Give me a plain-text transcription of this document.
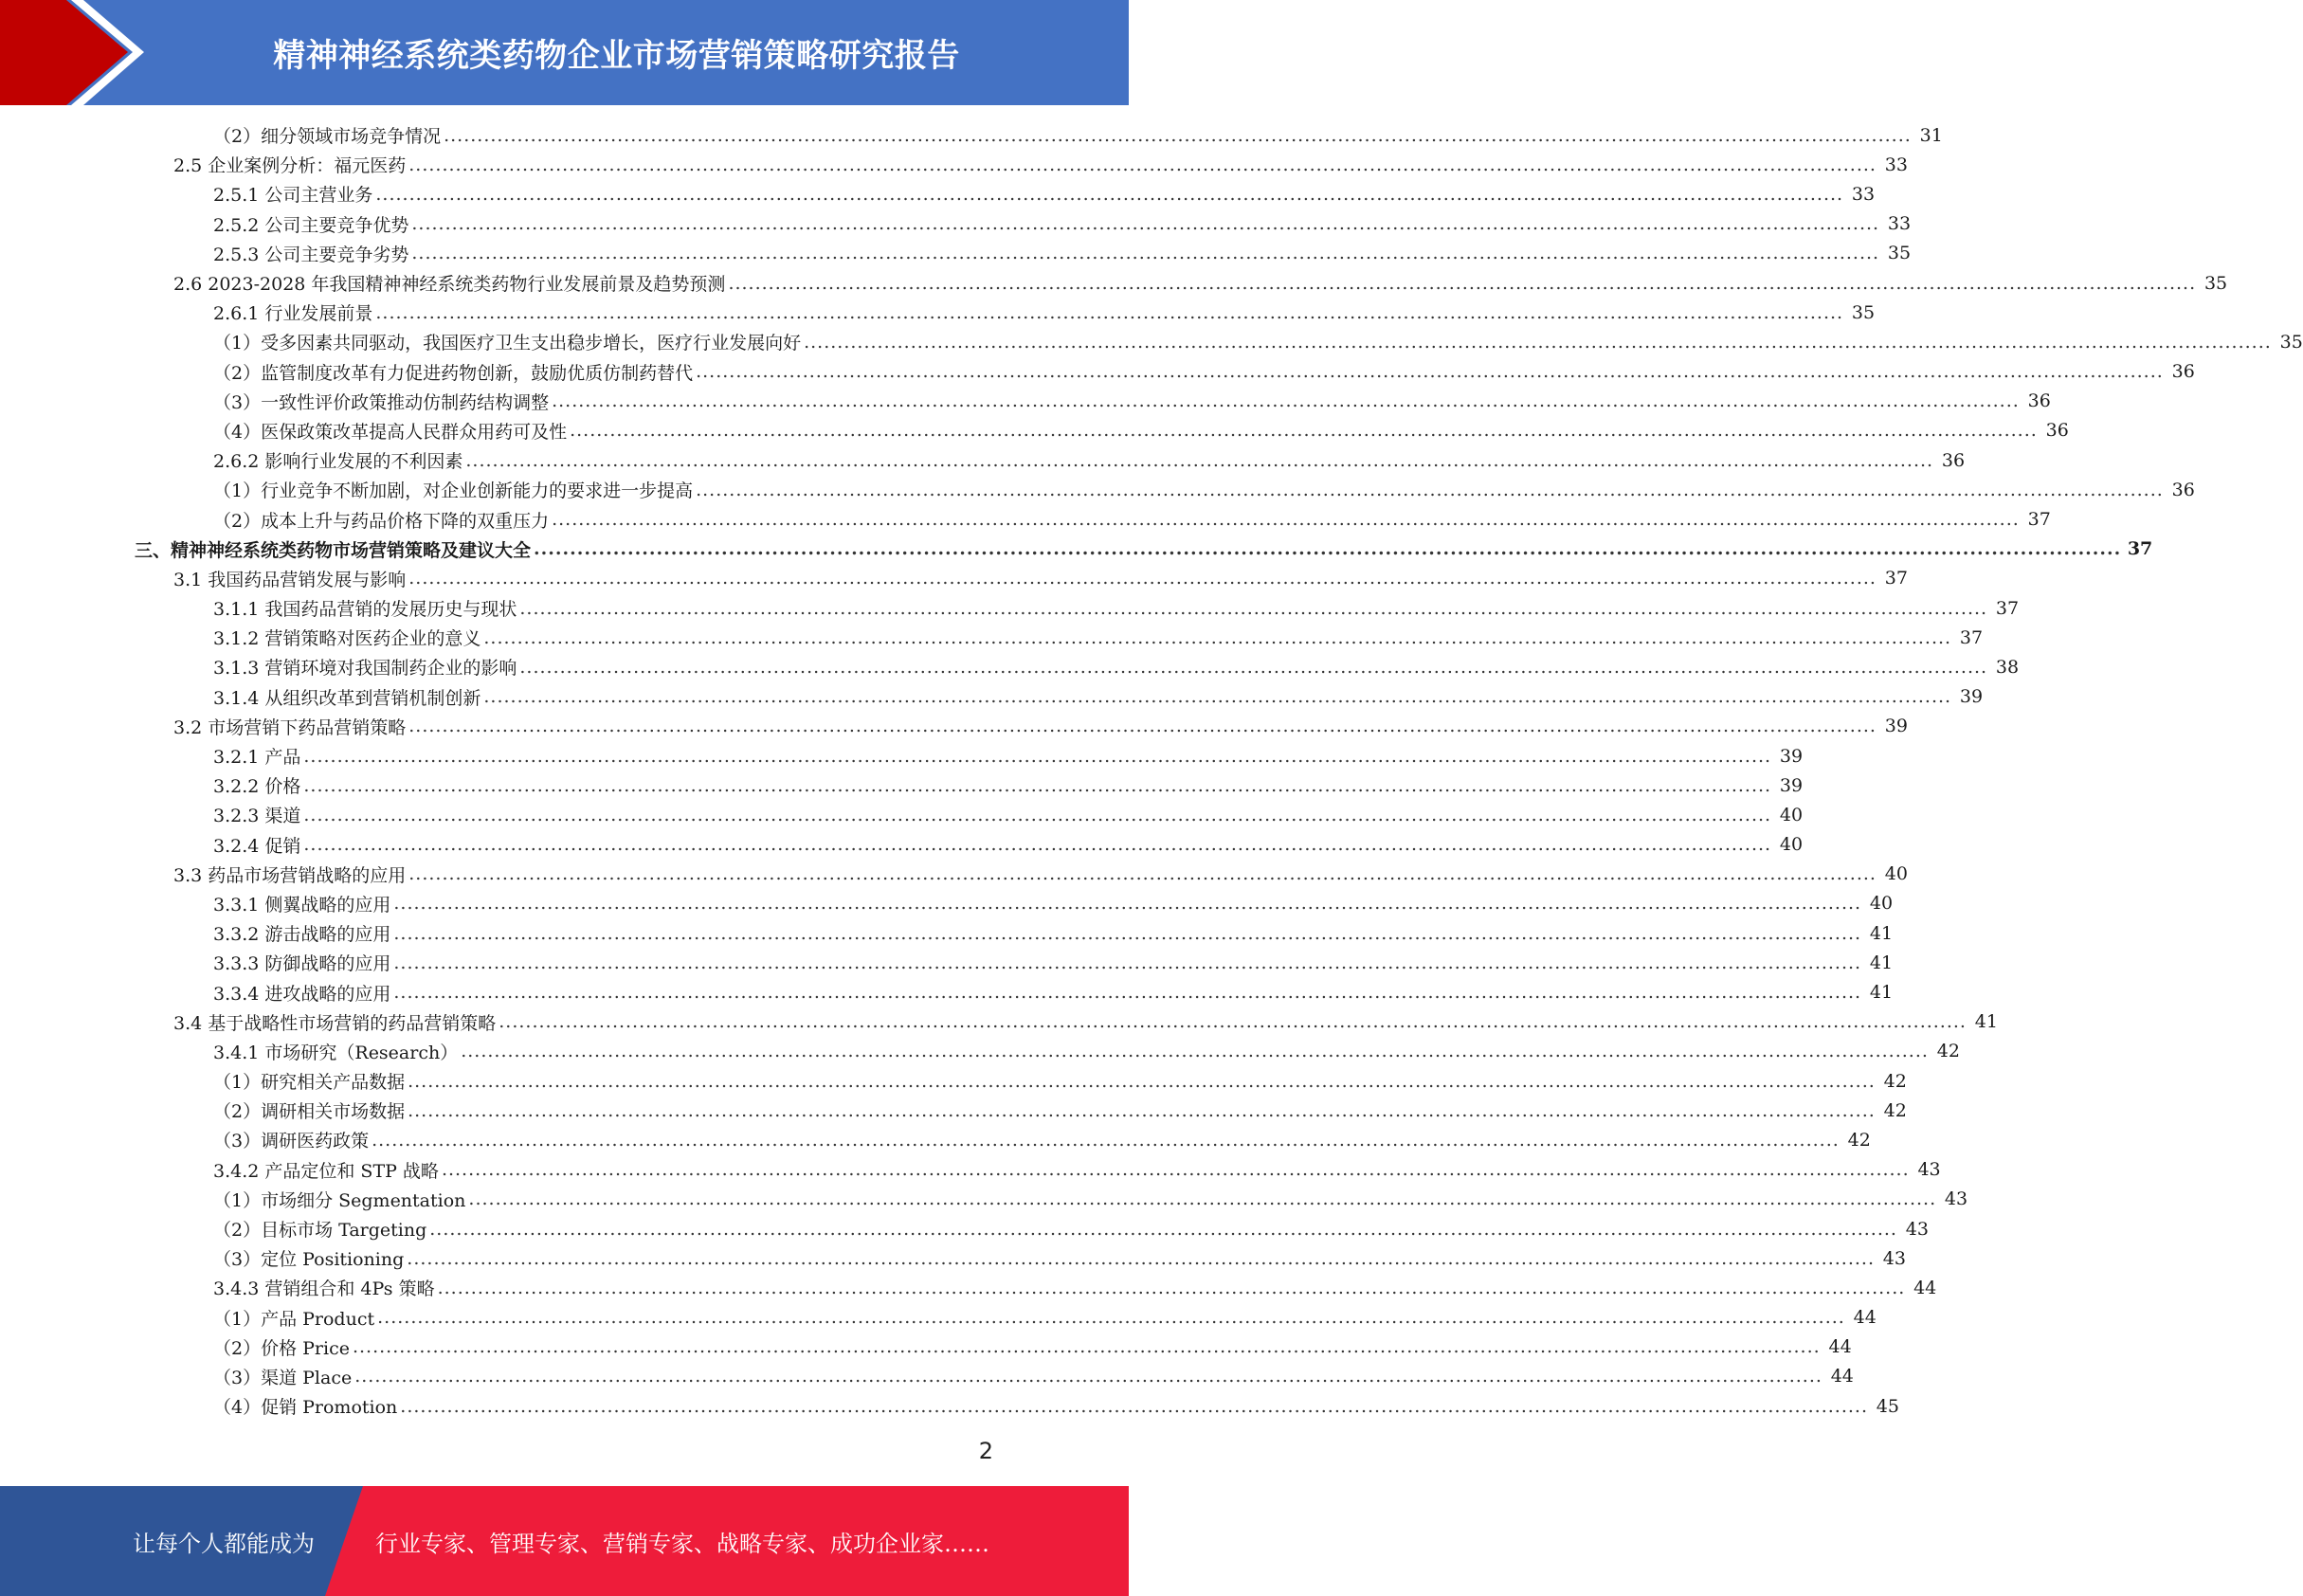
精神神经系统类药物企业市场营销策略研究报告
（2）细分领域市场竞争情况 ............................................................................................................................................................................................................................ 31
2.5 企业案例分析：福元医药 ............................................................................................................................................................................................................................ 33
2.5.1 公司主营业务 ............................................................................................................................................................................................................................ 33
2.5.2 公司主要竞争优势 ............................................................................................................................................................................................................................ 33
2.5.3 公司主要竞争劣势 ............................................................................................................................................................................................................................ 35
2.6 2023-2028 年我国精神神经系统类药物行业发展前景及趋势预测 ............................................................................................................................................................................................................................ 35
2.6.1 行业发展前景 ............................................................................................................................................................................................................................ 35
（1）受多因素共同驱动，我国医疗卫生支出稳步增长，医疗行业发展向好 ............................................................................................................................................................................................................................ 35
（2）监管制度改革有力促进药物创新，鼓励优质仿制药替代 ............................................................................................................................................................................................................................ 36
（3）一致性评价政策推动仿制药结构调整 ............................................................................................................................................................................................................................ 36
（4）医保政策改革提高人民群众用药可及性 ............................................................................................................................................................................................................................ 36
2.6.2 影响行业发展的不利因素 ............................................................................................................................................................................................................................ 36
（1）行业竞争不断加剧，对企业创新能力的要求进一步提高 ............................................................................................................................................................................................................................ 36
（2）成本上升与药品价格下降的双重压力 ............................................................................................................................................................................................................................ 37
三、精神神经系统类药物市场营销策略及建议大全 ............................................................................................................................................................................................................................ 37
3.1 我国药品营销发展与影响 ............................................................................................................................................................................................................................ 37
3.1.1 我国药品营销的发展历史与现状 ............................................................................................................................................................................................................................ 37
3.1.2 营销策略对医药企业的意义 ............................................................................................................................................................................................................................ 37
3.1.3 营销环境对我国制药企业的影响 ............................................................................................................................................................................................................................ 38
3.1.4 从组织改革到营销机制创新 ............................................................................................................................................................................................................................ 39
3.2 市场营销下药品营销策略 ............................................................................................................................................................................................................................ 39
3.2.1 产品 ............................................................................................................................................................................................................................ 39
3.2.2 价格 ............................................................................................................................................................................................................................ 39
3.2.3 渠道 ............................................................................................................................................................................................................................ 40
3.2.4 促销 ............................................................................................................................................................................................................................ 40
3.3 药品市场营销战略的应用 ............................................................................................................................................................................................................................ 40
3.3.1 侧翼战略的应用 ............................................................................................................................................................................................................................ 40
3.3.2 游击战略的应用 ............................................................................................................................................................................................................................ 41
3.3.3 防御战略的应用 ............................................................................................................................................................................................................................ 41
3.3.4 进攻战略的应用 ............................................................................................................................................................................................................................ 41
3.4 基于战略性市场营销的药品营销策略 ............................................................................................................................................................................................................................ 41
3.4.1 市场研究（Research） ............................................................................................................................................................................................................................ 42
（1）研究相关产品数据 ............................................................................................................................................................................................................................ 42
（2）调研相关市场数据 ............................................................................................................................................................................................................................ 42
（3）调研医药政策 ............................................................................................................................................................................................................................ 42
3.4.2 产品定位和 STP 战略 ............................................................................................................................................................................................................................ 43
（1）市场细分 Segmentation ............................................................................................................................................................................................................................ 43
（2）目标市场 Targeting ............................................................................................................................................................................................................................ 43
（3）定位 Positioning ............................................................................................................................................................................................................................ 43
3.4.3 营销组合和 4Ps 策略 ............................................................................................................................................................................................................................ 44
（1）产品 Product ............................................................................................................................................................................................................................ 44
（2）价格 Price ............................................................................................................................................................................................................................ 44
（3）渠道 Place ............................................................................................................................................................................................................................ 44
（4）促销 Promotion ............................................................................................................................................................................................................................ 45
2
让每个人都能成为	行业专家、管理专家、营销专家、战略专家、成功企业家……
